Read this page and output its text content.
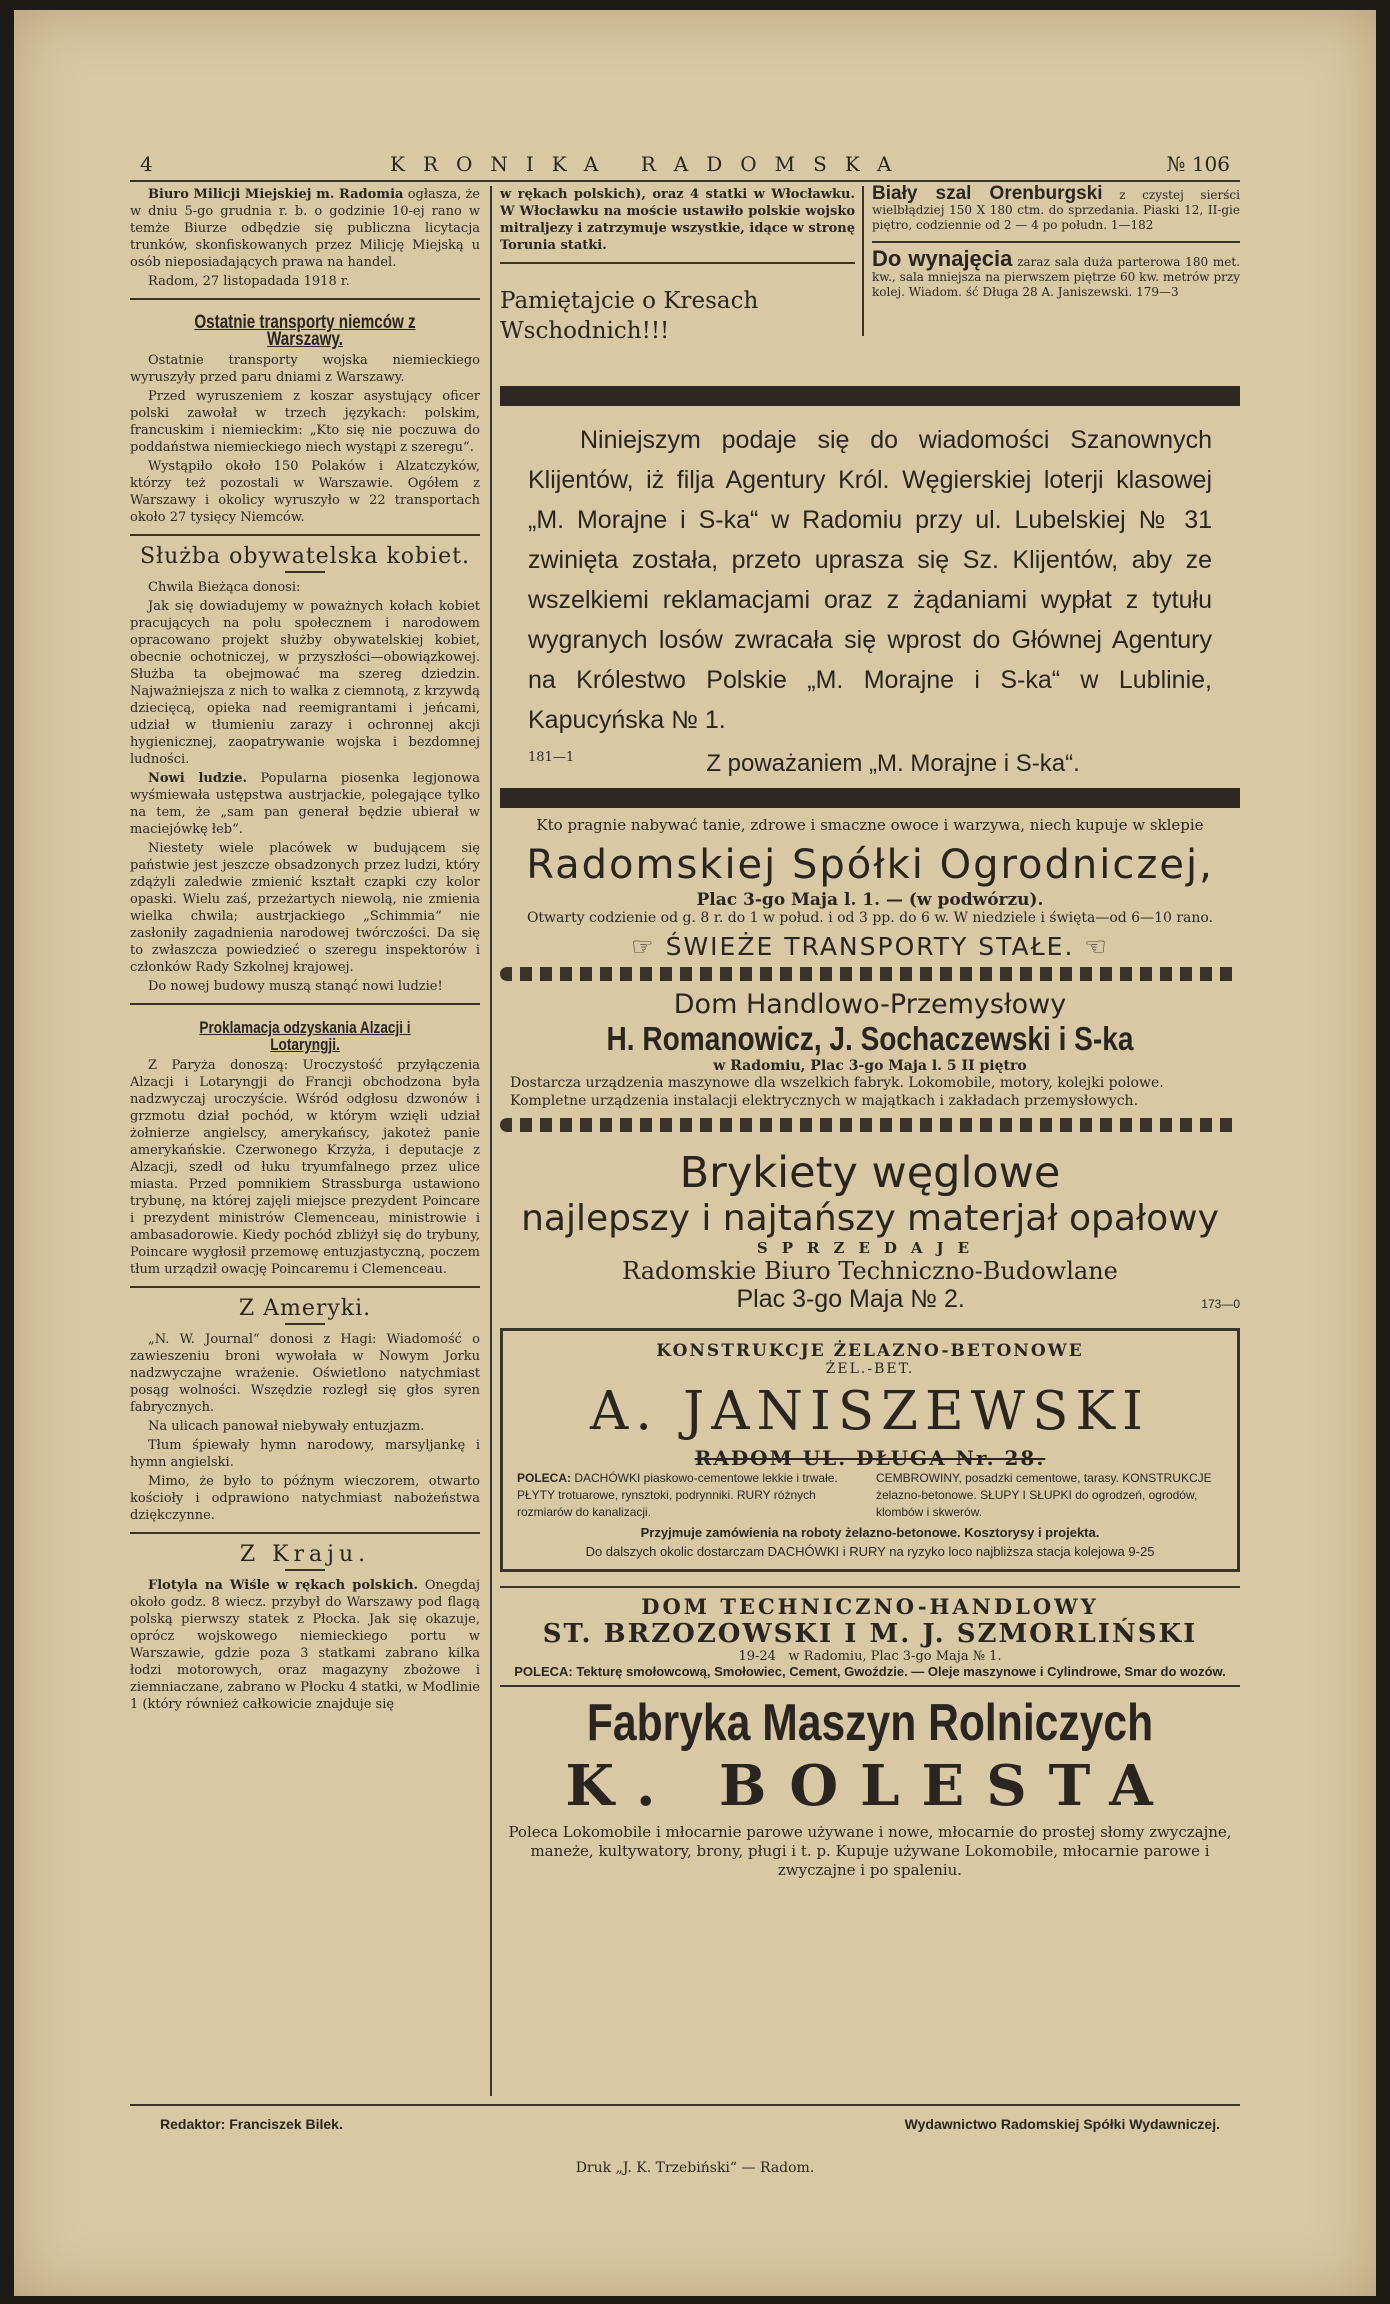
4	KRONIKA RADOMSKA	№ 106

Biuro Milicji Miejskiej m. Radomia ogłasza, że w dniu 5-go grudnia r. b. o godzinie 10-ej rano w temże Biurze odbędzie się publiczna licytacja trunków, skonfiskowanych przez Milicję Miejską u osób nieposiadających prawa na handel.

Radom, 27 listopadada 1918 r.

Ostatnie transporty niemców z Warszawy.

Ostatnie transporty wojska niemieckiego wyruszyły przed paru dniami z Warszawy.

Przed wyruszeniem z koszar asystujący oficer polski zawołał w trzech językach: polskim, francuskim i niemieckim: „Kto się nie poczuwa do poddaństwa niemieckiego niech wystąpi z szeregu“.

Wystąpiło około 150 Polaków i Alzatczyków, którzy też pozostali w Warszawie. Ogółem z Warszawy i okolicy wyruszyło w 22 transportach około 27 tysięcy Niemców.

Służba obywatelska kobiet.

Chwila Bieżąca donosi:

Jak się dowiadujemy w poważnych kołach kobiet pracujących na polu społecznem i narodowem opracowano projekt służby obywatelskiej kobiet, obecnie ochotniczej, w przyszłości—obowiązkowej. Służba ta obejmować ma szereg dziedzin. Najważniejsza z nich to walka z ciemnotą, z krzywdą dziecięcą, opieka nad reemigrantami i jeńcami, udział w tłumieniu zarazy i ochronnej akcji hygienicznej, zaopatrywanie wojska i bezdomnej ludności.

Nowi ludzie. Popularna piosenka legjonowa wyśmiewała ustępstwa austrjackie, polegające tylko na tem, że „sam pan generał będzie ubierał w maciejówkę łeb“.

Niestety wiele placówek w budującem się państwie jest jeszcze obsadzonych przez ludzi, który zdążyli zaledwie zmienić kształt czapki czy kolor opaski. Wielu zaś, przeżartych niewolą, nie zmienia wielka chwila; austrjackiego „Schimmia“ nie zasłoniły zagadnienia narodowej twórczości. Da się to zwłaszcza powiedzieć o szeregu inspektorów i członków Rady Szkolnej krajowej.

Do nowej budowy muszą stanąć nowi ludzie!

Proklamacja odzyskania Alzacji i Lotaryngji.

Z Paryża donoszą: Uroczystość przyłączenia Alzacji i Lotaryngji do Francji obchodzona była nadzwyczaj uroczyście. Wśród odgłosu dzwonów i grzmotu dział pochód, w którym wzięli udział żołnierze angielscy, amerykańscy, jakoteż panie amerykańskie. Czerwonego Krzyża, i deputacje z Alzacji, szedł od łuku tryumfalnego przez ulice miasta. Przed pomnikiem Strassburga ustawiono trybunę, na której zajęli miejsce prezydent Poincare i prezydent ministrów Clemenceau, ministrowie i ambasadorowie. Kiedy pochód zbliżył się do trybuny, Poincare wygłosił przemowę entuzjastyczną, poczem tłum urządził owację Poincaremu i Clemenceau.

Z Ameryki.

„N. W. Journal“ donosi z Hagi: Wiadomość o zawieszeniu broni wywołała w Nowym Jorku nadzwyczajne wrażenie. Oświetlono natychmiast posąg wolności. Wszędzie rozległ się głos syren fabrycznych.

Na ulicach panował niebywały entuzjazm.

Tłum śpiewały hymn narodowy, marsyljankę i hymn angielski.

Mimo, że było to późnym wieczorem, otwarto kościoły i odprawiono natychmiast nabożeństwa dziękczynne.

Z Kraju.

Flotyla na Wiśle w rękach polskich. Onegdaj około godz. 8 wiecz. przybył do Warszawy pod flagą polską pierwszy statek z Płocka. Jak się okazuje, oprócz wojskowego niemieckiego portu w Warszawie, gdzie poza 3 statkami zabrano kilka łodzi motorowych, oraz magazyny zbożowe i ziemniaczane, zabrano w Płocku 4 statki, w Modlinie 1 (który również całkowicie znajduje się

w rękach polskich), oraz 4 statki w Włocławku. W Włocławku na moście ustawiło polskie wojsko mitraljezy i zatrzymuje wszystkie, idące w stronę Torunia statki.

Pamiętajcie o Kresach Wschodnich!!!

Biały szal Orenburgski z czystej sierści wielbłądziej 150 X 180 ctm. do sprzedania. Piaski 12, II-gie piętro, codziennie od 2 — 4 po połudn. 1—182

Do wynajęcia zaraz sala duża parterowa 180 met. kw., sala mniejsza na pierwszem piętrze 60 kw. metrów przy kolej. Wiadom. ść Długa 28 A. Janiszewski. 179—3

Niniejszym podaje się do wiadomości Szanownych Klijentów, iż filja Agentury Król. Węgierskiej loterji klasowej „M. Morajne i S-ka“ w Radomiu przy ul. Lubelskiej № 31 zwinięta została, przeto uprasza się Sz. Klijentów, aby ze wszelkiemi reklamacjami oraz z żądaniami wypłat z tytułu wygranych losów zwracała się wprost do Głównej Agentury na Królestwo Polskie „M. Morajne i S-ka“ w Lublinie, Kapucyńska № 1.
181—1	Z poważaniem „M. Morajne i S-ka“.
Kto pragnie nabywać tanie, zdrowe i smaczne owoce i warzywa, niech kupuje w sklepie
Radomskiej Spółki Ogrodniczej,
Plac 3-go Maja l. 1. — (w podwórzu).
Otwarty codzienie od g. 8 r. do 1 w połud. i od 3 pp. do 6 w. W niedziele i święta—od 6—10 rano.
☞ ŚWIEŻE TRANSPORTY STAŁE. ☜
Dom Handlowo-Przemysłowy
H. Romanowicz, J. Sochaczewski i S-ka
w Radomiu, Plac 3-go Maja l. 5 II piętro
Dostarcza urządzenia maszynowe dla wszelkich fabryk. Lokomobile, motory, kolejki polowe. Kompletne urządzenia instalacji elektrycznych w majątkach i zakładach przemysłowych.
Brykiety węglowe
najlepszy i najtańszy materjał opałowy
SPRZEDAJE
Radomskie Biuro Techniczno-Budowlane
Plac 3-go Maja № 2.	173—0
KONSTRUKCJE ŻELAZNO-BETONOWE
ŻEL.-BET.
A. JANISZEWSKI
RADOM UL. DŁUGA Nr. 28.
POLECA: DACHÓWKI piaskowo-cementowe lekkie i trwałe. PŁYTY trotuarowe, rynsztoki, podrynniki. RURY różnych rozmiarów do kanalizacji.
CEMBROWINY, posadzki cementowe, tarasy. KONSTRUKCJE żelazno-betonowe. SŁUPY I SŁUPKI do ogrodzeń, ogrodów, klombów i skwerów.
Przyjmuje zamówienia na roboty żelazno-betonowe. Kosztorysy i projekta.
Do dalszych okolic dostarczam DACHÓWKI i RURY na ryzyko loco najbliższa stacja kolejowa 9-25
DOM TECHNICZNO-HANDLOWY
ST. BRZOZOWSKI I M. J. SZMORLIŃSKI
19-24 w Radomiu, Plac 3-go Maja № 1.
POLECA: Tekturę smołowcową, Smołowiec, Cement, Gwoździe. — Oleje maszynowe i Cylindrowe, Smar do wozów.
Fabryka Maszyn Rolniczych
K. BOLESTA
Poleca Lokomobile i młocarnie parowe używane i nowe, młocarnie do prostej słomy zwyczajne, maneże, kultywatory, brony, pługi i t. p. Kupuje używane Lokomobile, młocarnie parowe i zwyczajne i po spaleniu.
Redaktor: Franciszek Bilek.	Wydawnictwo Radomskiej Spółki Wydawniczej.
Druk „J. K. Trzebiński“ — Radom.
